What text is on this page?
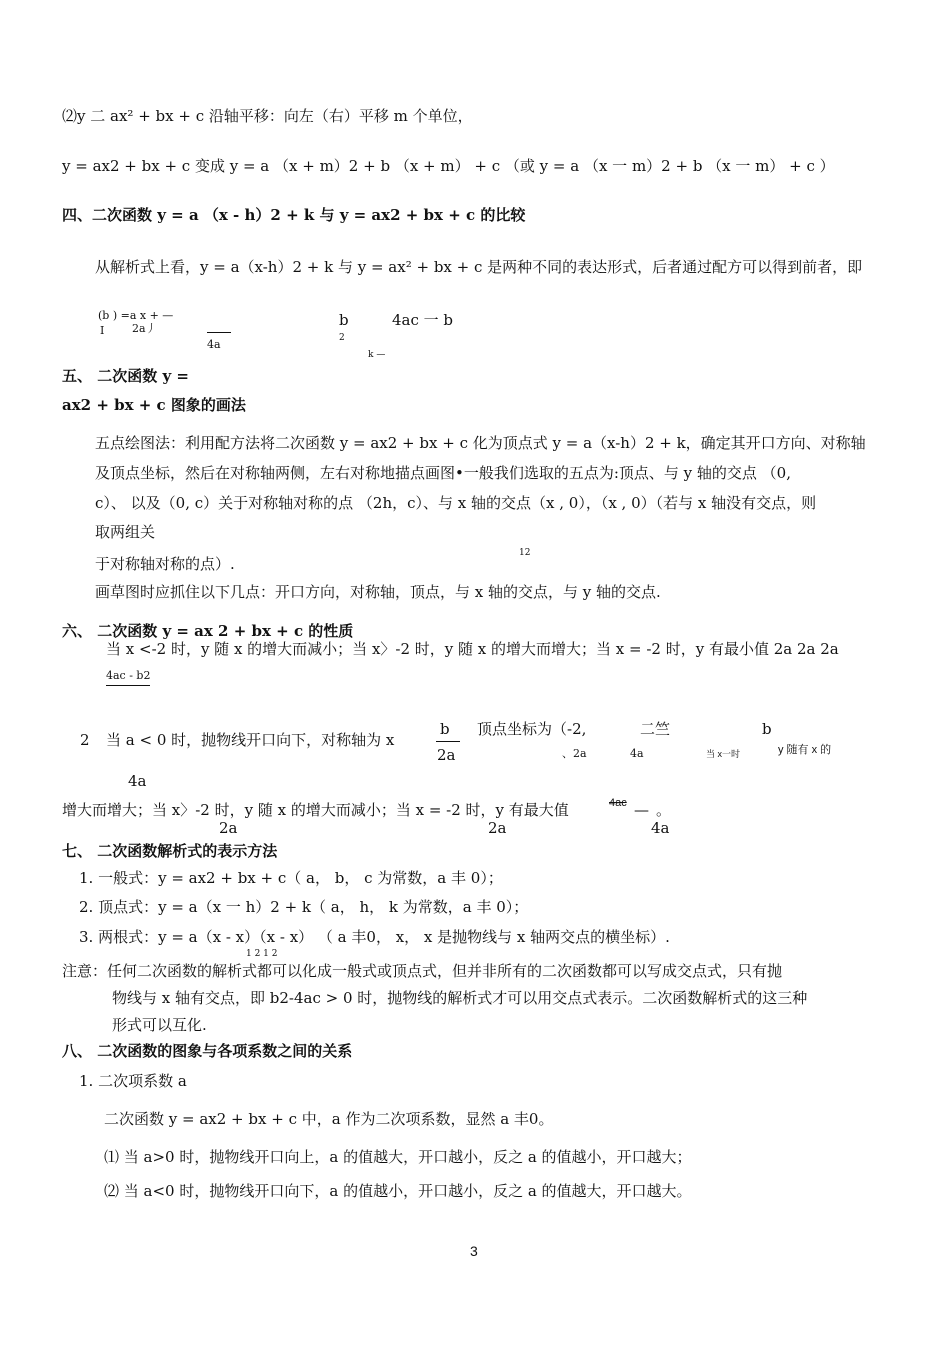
⑵y 二 ax² + bx + c 沿轴平移：向左（右）平移 m 个单位，
y = ax2 + bx + c 变成 y = a （x + m）2 + b （x + m） + c （或 y = a （x 一 m）2 + b （x 一 m） + c ）
四、二次函数 y = a （x - h）2 + k 与 y = ax2 + bx + c 的比较
从解析式上看，y = a（x-h）2 + k 与 y = ax² + bx + c 是两种不同的表达形式，后者通过配方可以得到前者，即
(b ) =a x + —
I	2a丿
4a
b
2
4ac 一 b
k —
五、 二次函数 y =
ax2 + bx + c 图象的画法
五点绘图法：利用配方法将二次函数 y = ax2 + bx + c 化为顶点式 y = a（x-h）2 + k，确定其开口方向、对称轴
及顶点坐标，然后在对称轴两侧，左右对称地描点画图•一般我们选取的五点为:顶点、与 y 轴的交点 （0,
c）、 以及（0, c）关于对称轴对称的点 （2h，c）、与 x 轴的交点（x , 0），（x , 0）（若与 x 轴没有交点，则
取两组关
12
于对称轴对称的点）.
画草图时应抓住以下几点：开口方向，对称轴，顶点，与 x 轴的交点，与 y 轴的交点.
六、 二次函数 y = ax 2 + bx + c 的性质
当 x <-2 时，y 随 x 的增大而减小；当 x〉-2 时，y 随 x 的增大而增大；当 x = -2 时，y 有最小值 2a 2a 2a
4ac - b2
2 当 a < 0 时，抛物线开口向下，对称轴为 x
b
2a
顶点坐标为（-2,	二竺	b
、2a	4a	当 x一时	y 随有 x 的
4a
增大而增大；当 x〉-2 时，y 随 x 的增大而减小；当 x = -2 时，y 有最大值	4ac — 。
2a	2a	4a
七、 二次函数解析式的表示方法
1. 一般式：y = ax2 + bx + c（ a， b， c 为常数，a 丰 0）；
2. 顶点式：y = a（x 一 h）2 + k（ a， h， k 为常数，a 丰 0）；
3. 两根式：y = a（x - x）（x - x） （ a 丰0， x， x 是抛物线与 x 轴两交点的横坐标）.
1 2 1 2
注意：任何二次函数的解析式都可以化成一般式或顶点式，但并非所有的二次函数都可以写成交点式，只有抛
物线与 x 轴有交点，即 b2-4ac > 0 时，抛物线的解析式才可以用交点式表示。二次函数解析式的这三种
形式可以互化.
八、 二次函数的图象与各项系数之间的关系
1. 二次项系数 a
二次函数 y = ax2 + bx + c 中，a 作为二次项系数，显然 a 丰0。
⑴ 当 a>0 时，抛物线开口向上，a 的值越大，开口越小，反之 a 的值越小，开口越大；
⑵ 当 a<0 时，抛物线开口向下，a 的值越小，开口越小，反之 a 的值越大，开口越大。
3
